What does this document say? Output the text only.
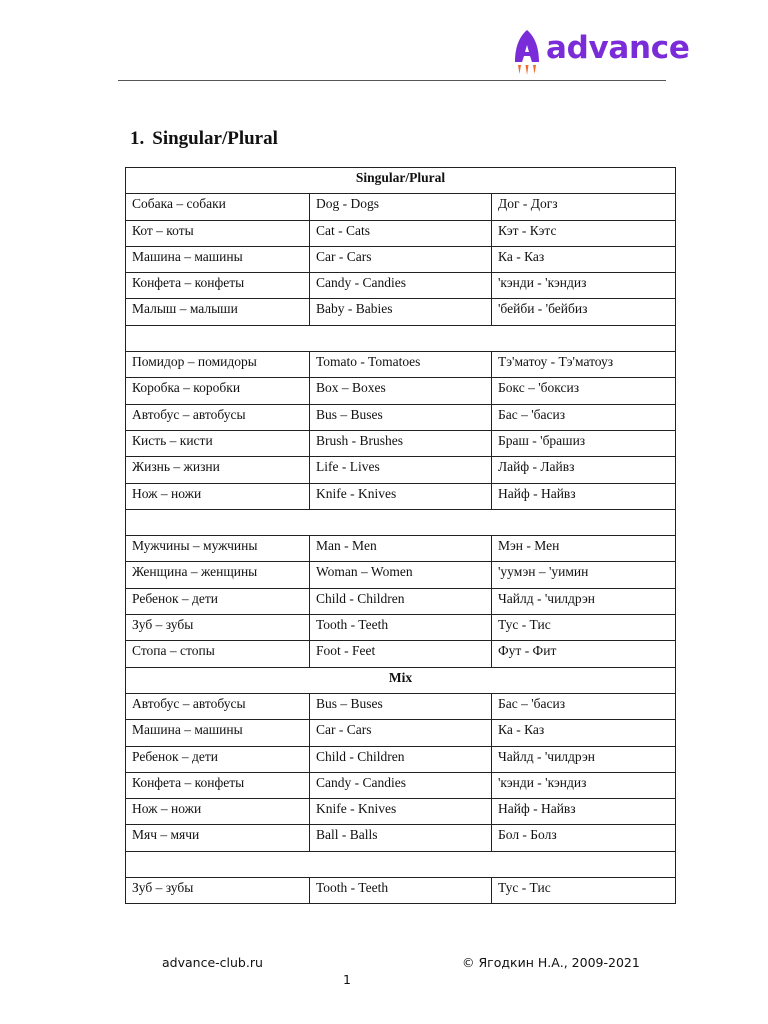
advance
1. Singular/Plural
Singular/Plural		
Собака – собаки	Dog - Dogs	Дог - Догз
Кот – коты	Cat - Cats	Кэт - Кэтс
Машина – машины	Car - Cars	Ка - Каз
Конфета – конфеты	Candy - Candies	'кэнди - 'кэндиз
Малыш – малыши	Baby - Babies	'бейби - 'бейбиз

Помидор – помидоры	Tomato - Tomatoes	Тэ'матоу - Тэ'матоуз
Коробка – коробки	Box – Boxes	Бокс – 'боксиз
Автобус – автобусы	Bus – Buses	Бас – 'басиз
Кисть – кисти	Brush - Brushes	Браш - 'брашиз
Жизнь – жизни	Life - Lives	Лайф - Лайвз
Нож – ножи	Knife - Knives	Найф - Найвз

Мужчины – мужчины	Man - Men	Мэн - Мен
Женщина – женщины	Woman – Women	'уумэн – 'уимин
Ребенок – дети	Child - Children	Чайлд - 'чилдрэн
Зуб – зубы	Tooth - Teeth	Тус - Тис
Стопа – стопы	Foot - Feet	Фут - Фит
Mix		
Автобус – автобусы	Bus – Buses	Бас – 'басиз
Машина – машины	Car - Cars	Ка - Каз
Ребенок – дети	Child - Children	Чайлд - 'чилдрэн
Конфета – конфеты	Candy - Candies	'кэнди - 'кэндиз
Нож – ножи	Knife - Knives	Найф - Найвз
Мяч – мячи	Ball - Balls	Бол - Болз

Зуб – зубы	Tooth - Teeth	Тус - Тис
advance-club.ru	© Ягодкин Н.А., 2009-2021
1
